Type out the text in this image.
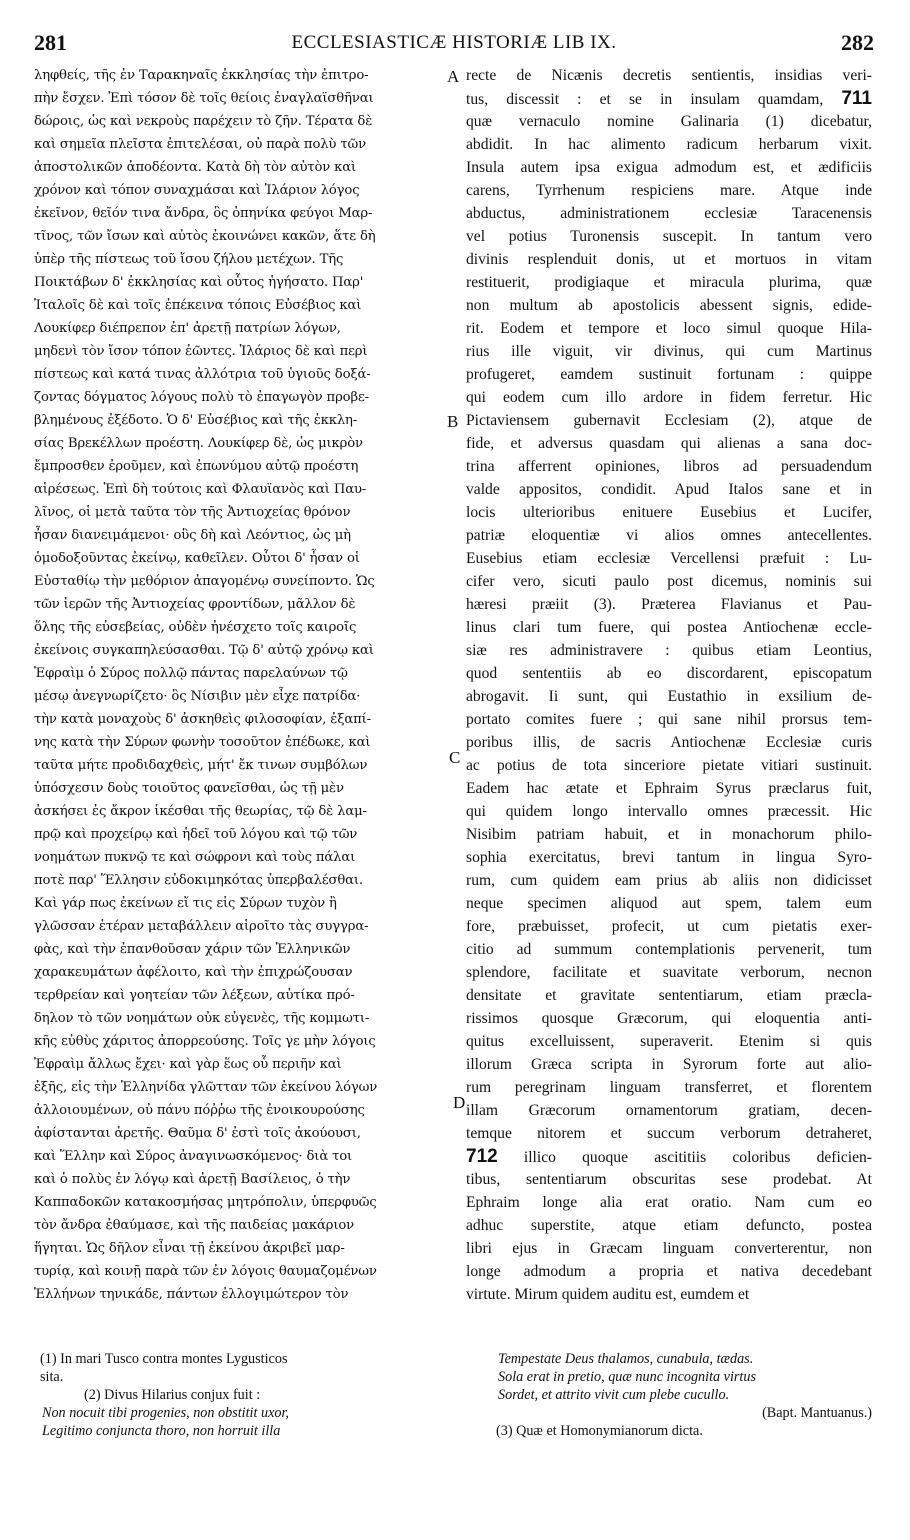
281	ECCLESIASTICÆ HISTORIÆ LIB IX.	282
ληφθείς, τῆς ἐν Ταρακηναῖς ἐκκλησίας τὴν ἐπιτρο-
πὴν ἔσχεν. Ἐπὶ τόσον δὲ τοῖς θείοις ἐναγλαϊσθῆναι
δώροις, ὡς καὶ νεκροὺς παρέχειν τὸ ζῆν. Τέρατα δὲ
καὶ σημεῖα πλεῖστα ἐπιτελέσαι, οὐ παρὰ πολὺ τῶν
ἀποστολικῶν ἀποδέοντα. Κατὰ δὴ τὸν αὐτὸν καὶ
χρόνον καὶ τόπον συναχμάσαι καὶ Ἱλάριον λόγος
ἐκεῖνον, θεῖόν τινα ἄνδρα, ὃς ὁπηνίκα φεύγοι Μαρ-
τῖνος, τῶν ἴσων καὶ αὐτὸς ἐκοινώνει κακῶν, ἅτε δὴ
ὑπὲρ τῆς πίστεως τοῦ ἴσου ζήλου μετέχων. Τῆς
Ποικτάβων δ' ἐκκλησίας καὶ οὗτος ἡγήσατο. Παρ'
Ἰταλοῖς δὲ καὶ τοῖς ἐπέκεινα τόποις Εὐσέβιος καὶ
Λουκίφερ διέπρεπον ἐπ' ἀρετῇ πατρίων λόγων,
μηδενὶ τὸν ἴσον τόπον ἐῶντες. Ἱλάριος δὲ καὶ περὶ
πίστεως καὶ κατά τινας ἀλλότρια τοῦ ὑγιοῦς δοξά-
ζοντας δόγματος λόγους πολὺ τὸ ἐπαγωγὸν προβε-
βλημένους ἐξέδοτο. Ὁ δ' Εὐσέβιος καὶ τῆς ἐκκλη-
σίας Βρεκέλλων προέστη. Λουκίφερ δὲ, ὡς μικρὸν
ἔμπροσθεν ἐροῦμεν, καὶ ἐπωνύμου αὐτῷ προέστη
αἱρέσεως. Ἐπὶ δὴ τούτοις καὶ Φλαυϊανὸς καὶ Παυ-
λῖνος, οἱ μετὰ ταῦτα τὸν τῆς Ἀντιοχείας θρόνον
ἦσαν διανειμάμενοι· οὓς δὴ καὶ Λεόντιος, ὡς μὴ
ὁμοδοξοῦντας ἐκείνῳ, καθεῖλεν. Οὗτοι δ' ἦσαν οἱ
Εὐσταθίῳ τὴν μεθόριον ἀπαγομένῳ συνείποντο. Ὡς
τῶν ἱερῶν τῆς Ἀντιοχείας φροντίδων, μᾶλλον δὲ
ὅλης τῆς εὐσεβείας, οὐδὲν ἠνέσχετο τοῖς καιροῖς
ἐκείνοις συγκαπηλεύσασθαι. Τῷ δ' αὐτῷ χρόνῳ καὶ
Ἐφραὶμ ὁ Σύρος πολλῷ πάντας παρελαύνων τῷ
μέσῳ ἀνεγνωρίζετο· ὃς Νίσιβιν μὲν εἶχε πατρίδα·
τὴν κατὰ μοναχοὺς δ' ἀσκηθεὶς φιλοσοφίαν, ἐξαπί-
νης κατὰ τὴν Σύρων φωνὴν τοσοῦτον ἐπέδωκε, καὶ
ταῦτα μήτε προδιδαχθεὶς, μήτ' ἔκ τινων συμβόλων
ὑπόσχεσιν δοὺς τοιοῦτος φανεῖσθαι, ὡς τῇ μὲν
ἀσκήσει ἐς ἄκρον ἱκέσθαι τῆς θεωρίας, τῷ δὲ λαμ-
πρῷ καὶ προχείρῳ καὶ ἡδεῖ τοῦ λόγου καὶ τῷ τῶν
νοημάτων πυκνῷ τε καὶ σώφρονι καὶ τοὺς πάλαι
ποτὲ παρ' Ἕλλησιν εὐδοκιμηκότας ὑπερβαλέσθαι.
Καὶ γάρ πως ἐκείνων εἴ τις εἰς Σύρων τυχὸν ἢ
γλῶσσαν ἑτέραν μεταβάλλειν αἱροῖτο τὰς συγγρα-
φὰς, καὶ τὴν ἐπανθοῦσαν χάριν τῶν Ἑλληνικῶν
χαρακευμάτων ἀφέλοιτο, καὶ τὴν ἐπιχρώζουσαν
τερθρείαν καὶ γοητείαν τῶν λέξεων, αὐτίκα πρό-
δηλον τὸ τῶν νοημάτων οὐκ εὐγενὲς, τῆς κομμωτι-
κῆς εὐθὺς χάριτος ἀπορρεούσης. Τοῖς γε μὴν λόγοις
Ἐφραὶμ ἄλλως ἔχει· καὶ γὰρ ἕως οὗ περιῆν καὶ
ἐξῆς, εἰς τὴν Ἑλληνίδα γλῶτταν τῶν ἐκείνου λόγων
ἀλλοιουμένων, οὐ πάνυ πόῤῥω τῆς ἐνοικουρούσης
ἀφίστανται ἀρετῆς. Θαῦμα δ' ἐστὶ τοῖς ἀκούουσι,
καὶ Ἕλλην καὶ Σύρος ἀναγινωσκόμενος· διὰ τοι
καὶ ὁ πολὺς ἐν λόγῳ καὶ ἀρετῇ Βασίλειος, ὁ τὴν
Καππαδοκῶν κατακοσμήσας μητρόπολιν, ὑπερφυῶς
τὸν ἄνδρα ἐθαύμασε, καὶ τῆς παιδείας μακάριον
ἥγηται. Ὡς δῆλον εἶναι τῇ ἐκείνου ἀκριβεῖ μαρ-
τυρίᾳ, καὶ κοινῇ παρὰ τῶν ἐν λόγοις θαυμαζομένων
Ἑλλήνων τηνικάδε, πάντων ἐλλογιμώτερον τὸν
A
B
C
D
recte de Nicænis decretis sentientis, insidias veri-
tus, discessit : et se in insulam quamdam, 711
quæ vernaculo nomine Galinaria (1) dicebatur,
abdidit. In hac alimento radicum herbarum vixit.
Insula autem ipsa exigua admodum est, et ædificiis
carens, Tyrrhenum respiciens mare. Atque inde
abductus, administrationem ecclesiæ Taracenensis
vel potius Turonensis suscepit. In tantum vero
divinis resplenduit donis, ut et mortuos in vitam
restituerit, prodigiaque et miracula plurima, quæ
non multum ab apostolicis abessent signis, edide-
rit. Eodem et tempore et loco simul quoque Hila-
rius ille viguit, vir divinus, qui cum Martinus
profugeret, eamdem sustinuit fortunam : quippe
qui eodem cum illo ardore in fidem ferretur. Hic
Pictaviensem gubernavit Ecclesiam (2), atque de
fide, et adversus quasdam qui alienas a sana doc-
trina afferrent opiniones, libros ad persuadendum
valde appositos, condidit. Apud Italos sane et in
locis ulterioribus enituere Eusebius et Lucifer,
patriæ eloquentiæ vi alios omnes antecellentes.
Eusebius etiam ecclesiæ Vercellensi præfuit : Lu-
cifer vero, sicuti paulo post dicemus, nominis sui
hæresi præiit (3). Præterea Flavianus et Pau-
linus clari tum fuere, qui postea Antiochenæ eccle-
siæ res administravere : quibus etiam Leontius,
quod sententiis ab eo discordarent, episcopatum
abrogavit. Ii sunt, qui Eustathio in exsilium de-
portato comites fuere ; qui sane nihil prorsus tem-
poribus illis, de sacris Antiochenæ Ecclesiæ curis
ac potius de tota sinceriore pietate vitiari sustinuit.
Eadem hac ætate et Ephraim Syrus præclarus fuit,
qui quidem longo intervallo omnes præcessit. Hic
Nisibim patriam habuit, et in monachorum philo-
sophia exercitatus, brevi tantum in lingua Syro-
rum, cum quidem eam prius ab aliis non didicisset
neque specimen aliquod aut spem, talem eum
fore, præbuisset, profecit, ut cum pietatis exer-
citio ad summum contemplationis pervenerit, tum
splendore, facilitate et suavitate verborum, necnon
densitate et gravitate sententiarum, etiam præcla-
rissimos quosque Græcorum, qui eloquentia anti-
quitus excelluissent, superaverit. Etenim si quis
illorum Græca scripta in Syrorum forte aut alio-
rum peregrinam linguam transferret, et florentem
illam Græcorum ornamentorum gratiam, decen-
temque nitorem et succum verborum detraheret,
712 illico quoque ascititiis coloribus deficien-
tibus, sententiarum obscuritas sese prodebat. At
Ephraim longe alia erat oratio. Nam cum eo
adhuc superstite, atque etiam defuncto, postea
libri ejus in Græcam linguam converterentur, non
longe admodum a propria et nativa decedebant
virtute. Mirum quidem auditu est, eumdem et
(1) In mari Tusco contra montes Lygusticos
sita.
(2) Divus Hilarius conjux fuit :
Non nocuit tibi progenies, non obstitit uxor,
Legitimo conjuncta thoro, non horruit illa
Tempestate Deus thalamos, cunabula, tædas.
Sola erat in pretio, quæ nunc incognita virtus
Sordet, et attrito vivit cum plebe cucullo.
(Bapt. Mantuanus.)
(3) Quæ et Homonymianorum dicta.
